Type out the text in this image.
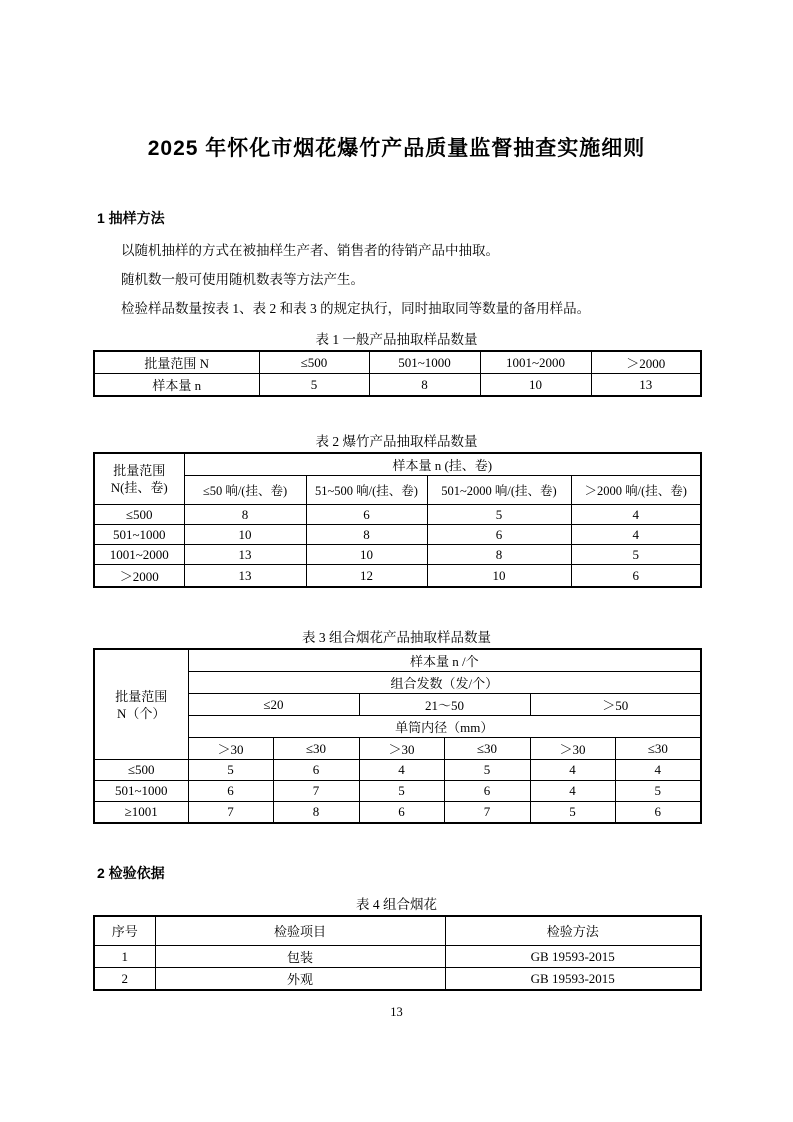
2025 年怀化市烟花爆竹产品质量监督抽查实施细则
1 抽样方法
以随机抽样的方式在被抽样生产者、销售者的待销产品中抽取。
随机数一般可使用随机数表等方法产生。
检验样品数量按表 1、表 2 和表 3 的规定执行，同时抽取同等数量的备用样品。
表 1 一般产品抽取样品数量
批量范围 N	≤500	501~1000	1001~2000	＞2000
样本量 n	5	8	10	13
表 2 爆竹产品抽取样品数量
批量范围
N(挂、卷)	样本量 n (挂、卷)			
	≤50 响/(挂、卷)	51~500 响/(挂、卷)	501~2000 响/(挂、卷)	＞2000 响/(挂、卷)
≤500	8	6	5	4
501~1000	10	8	6	4
1001~2000	13	10	8	5
＞2000	13	12	10	6
表 3 组合烟花产品抽取样品数量
批量范围
N（个）	样本量 n /个					
	组合发数（发/个）					
	≤20		21～50		＞50	
	单筒内径（mm）					
	＞30	≤30	＞30	≤30	＞30	≤30
≤500	5	6	4	5	4	4
501~1000	6	7	5	6	4	5
≥1001	7	8	6	7	5	6
2 检验依据
表 4 组合烟花
序号	检验项目	检验方法
1	包装	GB 19593-2015
2	外观	GB 19593-2015
13
